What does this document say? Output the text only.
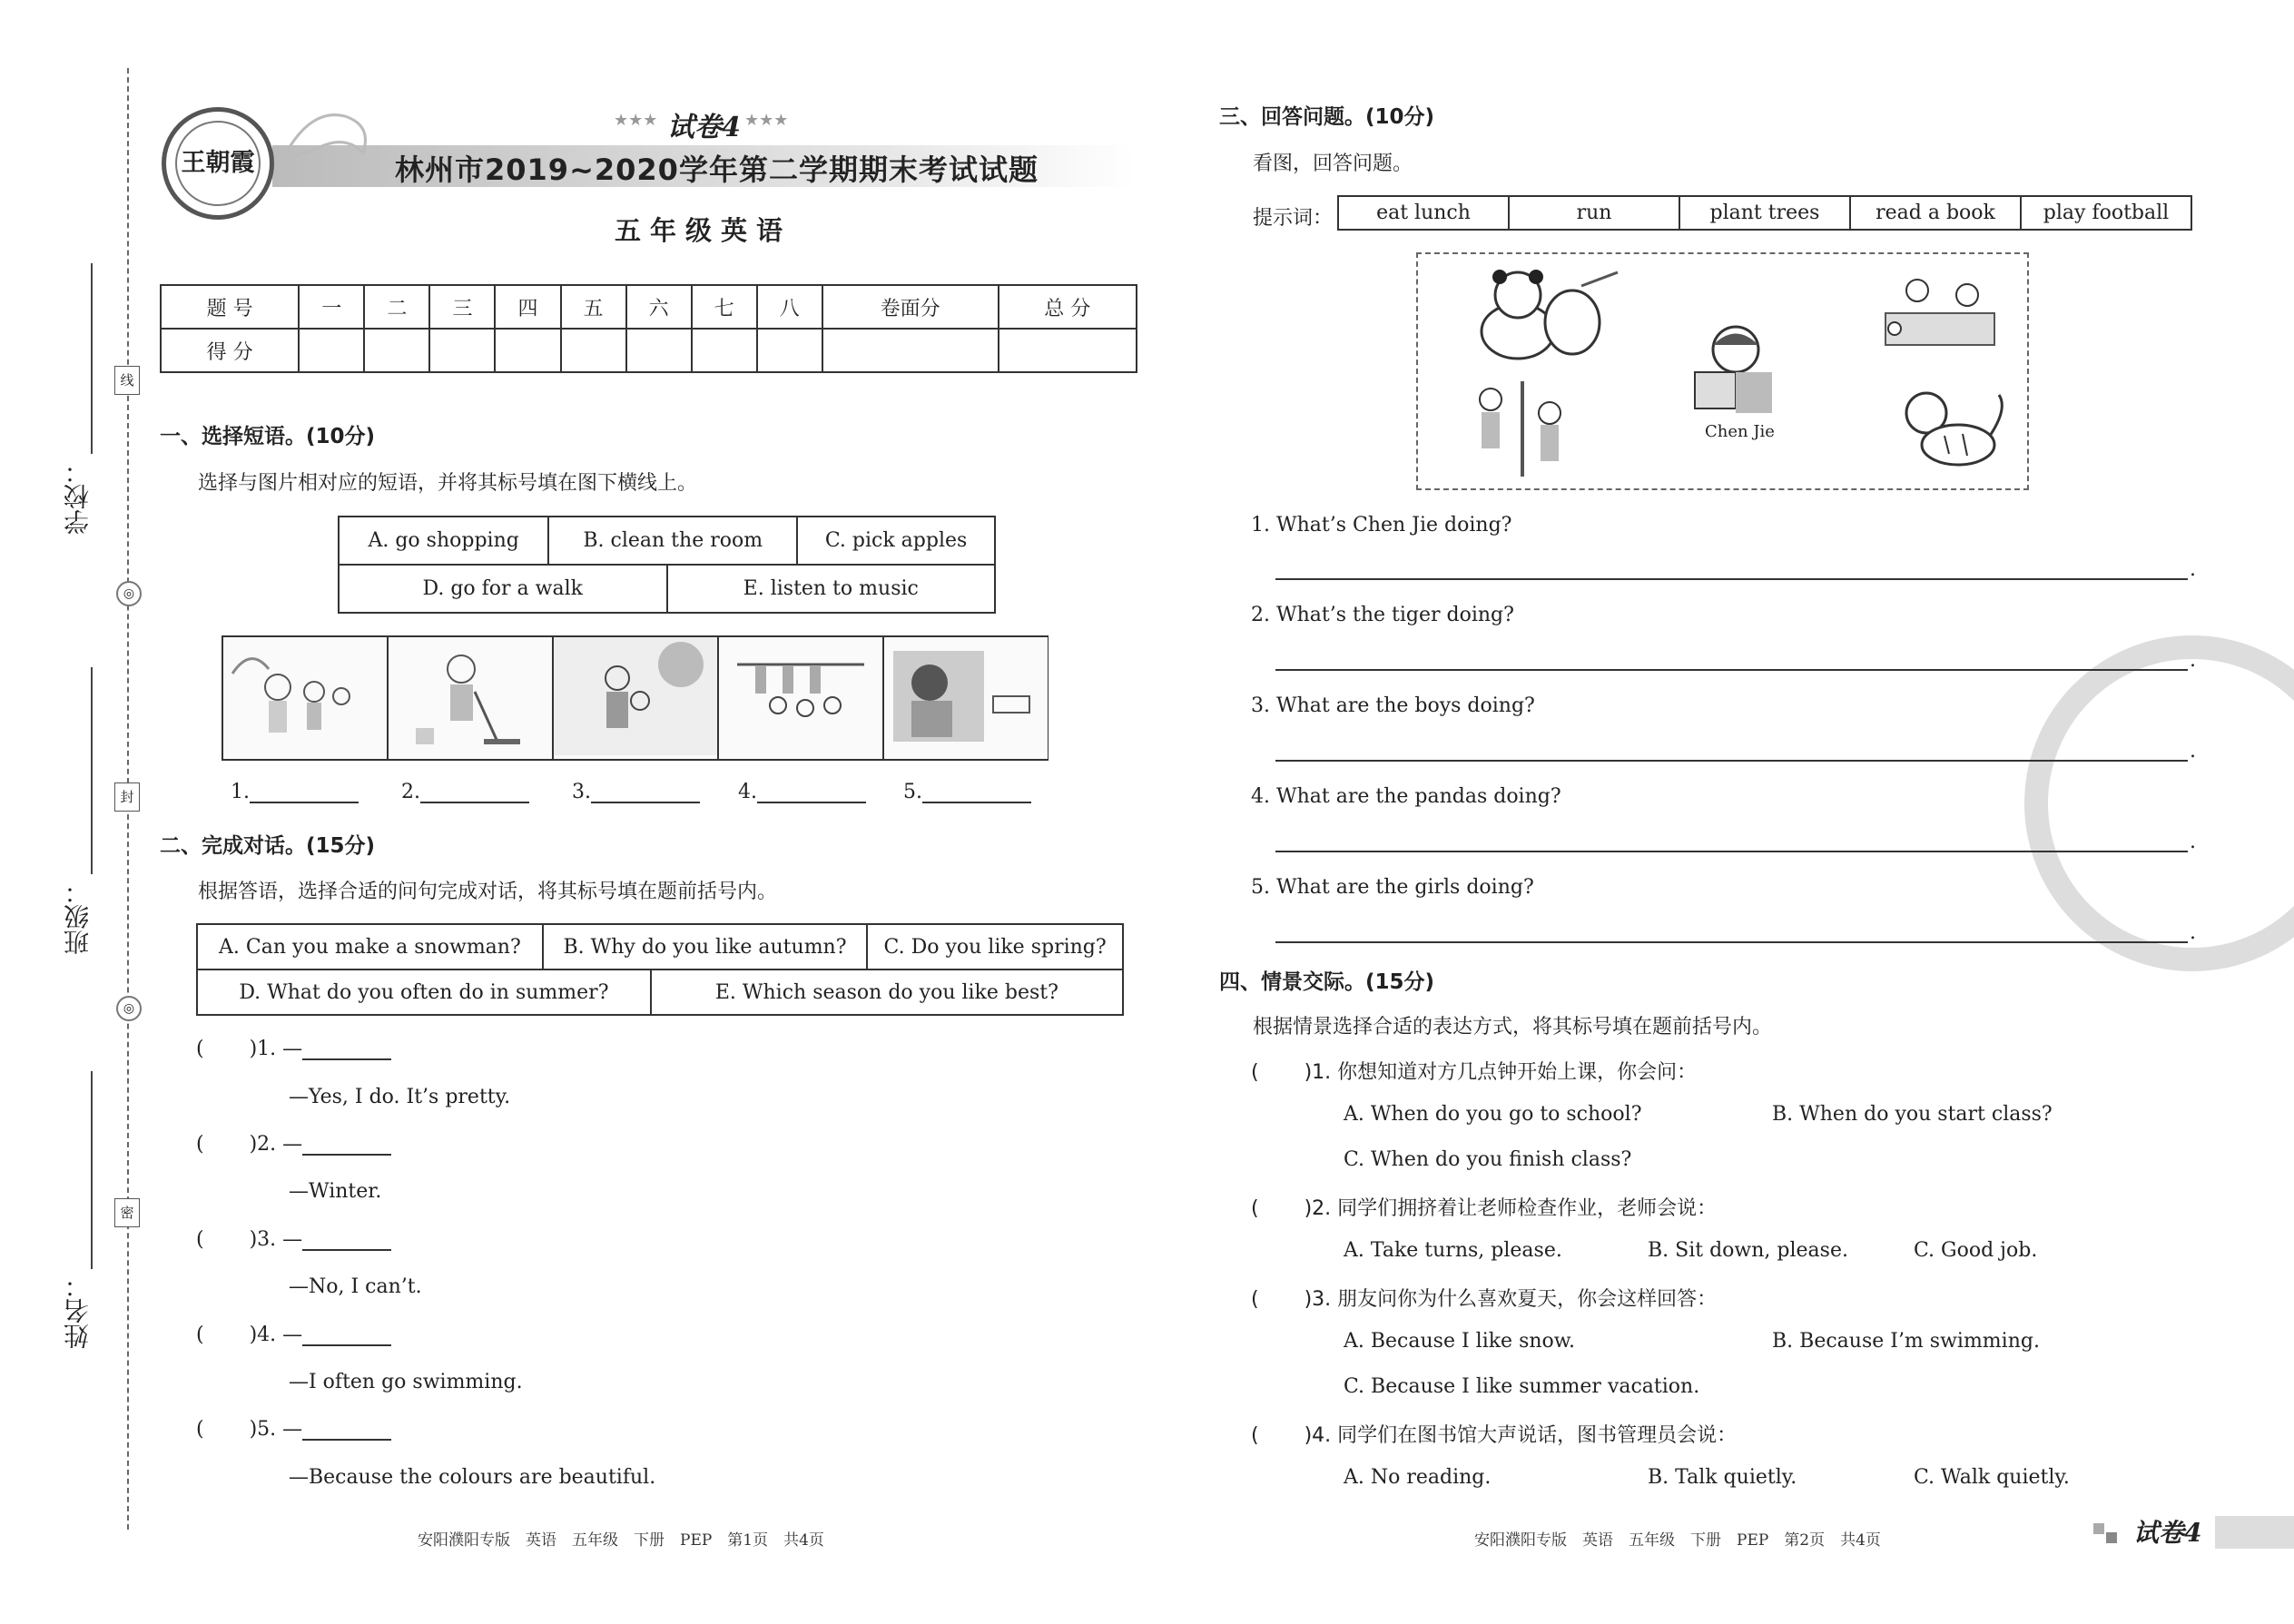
学校：
班级：
姓名：
线
封
密
◎
◎
王朝霞
★★★ 试卷4 ★★★
林州市2019~2020学年第二学期期末考试试题
五年级英语
题 号	一	二	三	四	五	六	七	八	卷面分	总 分
得 分										
一、选择短语。(10分)
选择与图片相对应的短语，并将其标号填在图下横线上。
A. go shopping	B. clean the room	C. pick apples
D. go for a walk	E. listen to music
1.	2.	3.	4.	5.
二、完成对话。(15分)
根据答语，选择合适的问句完成对话，将其标号填在题前括号内。
A. Can you make a snowman?	B. Why do you like autumn?	C. Do you like spring?
D. What do you often do in summer?	E. Which season do you like best?
( )1. —
—Yes, I do. It’s pretty.
( )2. —
—Winter.
( )3. —
—No, I can’t.
( )4. —
—I often go swimming.
( )5. —
—Because the colours are beautiful.
安阳濮阳专版　英语　五年级　下册　PEP　第1页　共4页
三、回答问题。(10分)
看图，回答问题。
提示词： eat lunch	run	plant trees	read a book	play football
Chen Jie
1. What’s Chen Jie doing?
.
2. What’s the tiger doing?
.
3. What are the boys doing?
.
4. What are the pandas doing?
.
5. What are the girls doing?
.
四、情景交际。(15分)
根据情景选择合适的表达方式，将其标号填在题前括号内。
( )1. 你想知道对方几点钟开始上课，你会问：
A. When do you go to school?	B. When do you start class?
C. When do you finish class?
( )2. 同学们拥挤着让老师检查作业，老师会说：
A. Take turns, please.	B. Sit down, please.	C. Good job.
( )3. 朋友问你为什么喜欢夏天，你会这样回答：
A. Because I like snow.	B. Because I’m swimming.
C. Because I like summer vacation.
( )4. 同学们在图书馆大声说话，图书管理员会说：
A. No reading.	B. Talk quietly.	C. Walk quietly.
安阳濮阳专版　英语　五年级　下册　PEP　第2页　共4页	试卷4
